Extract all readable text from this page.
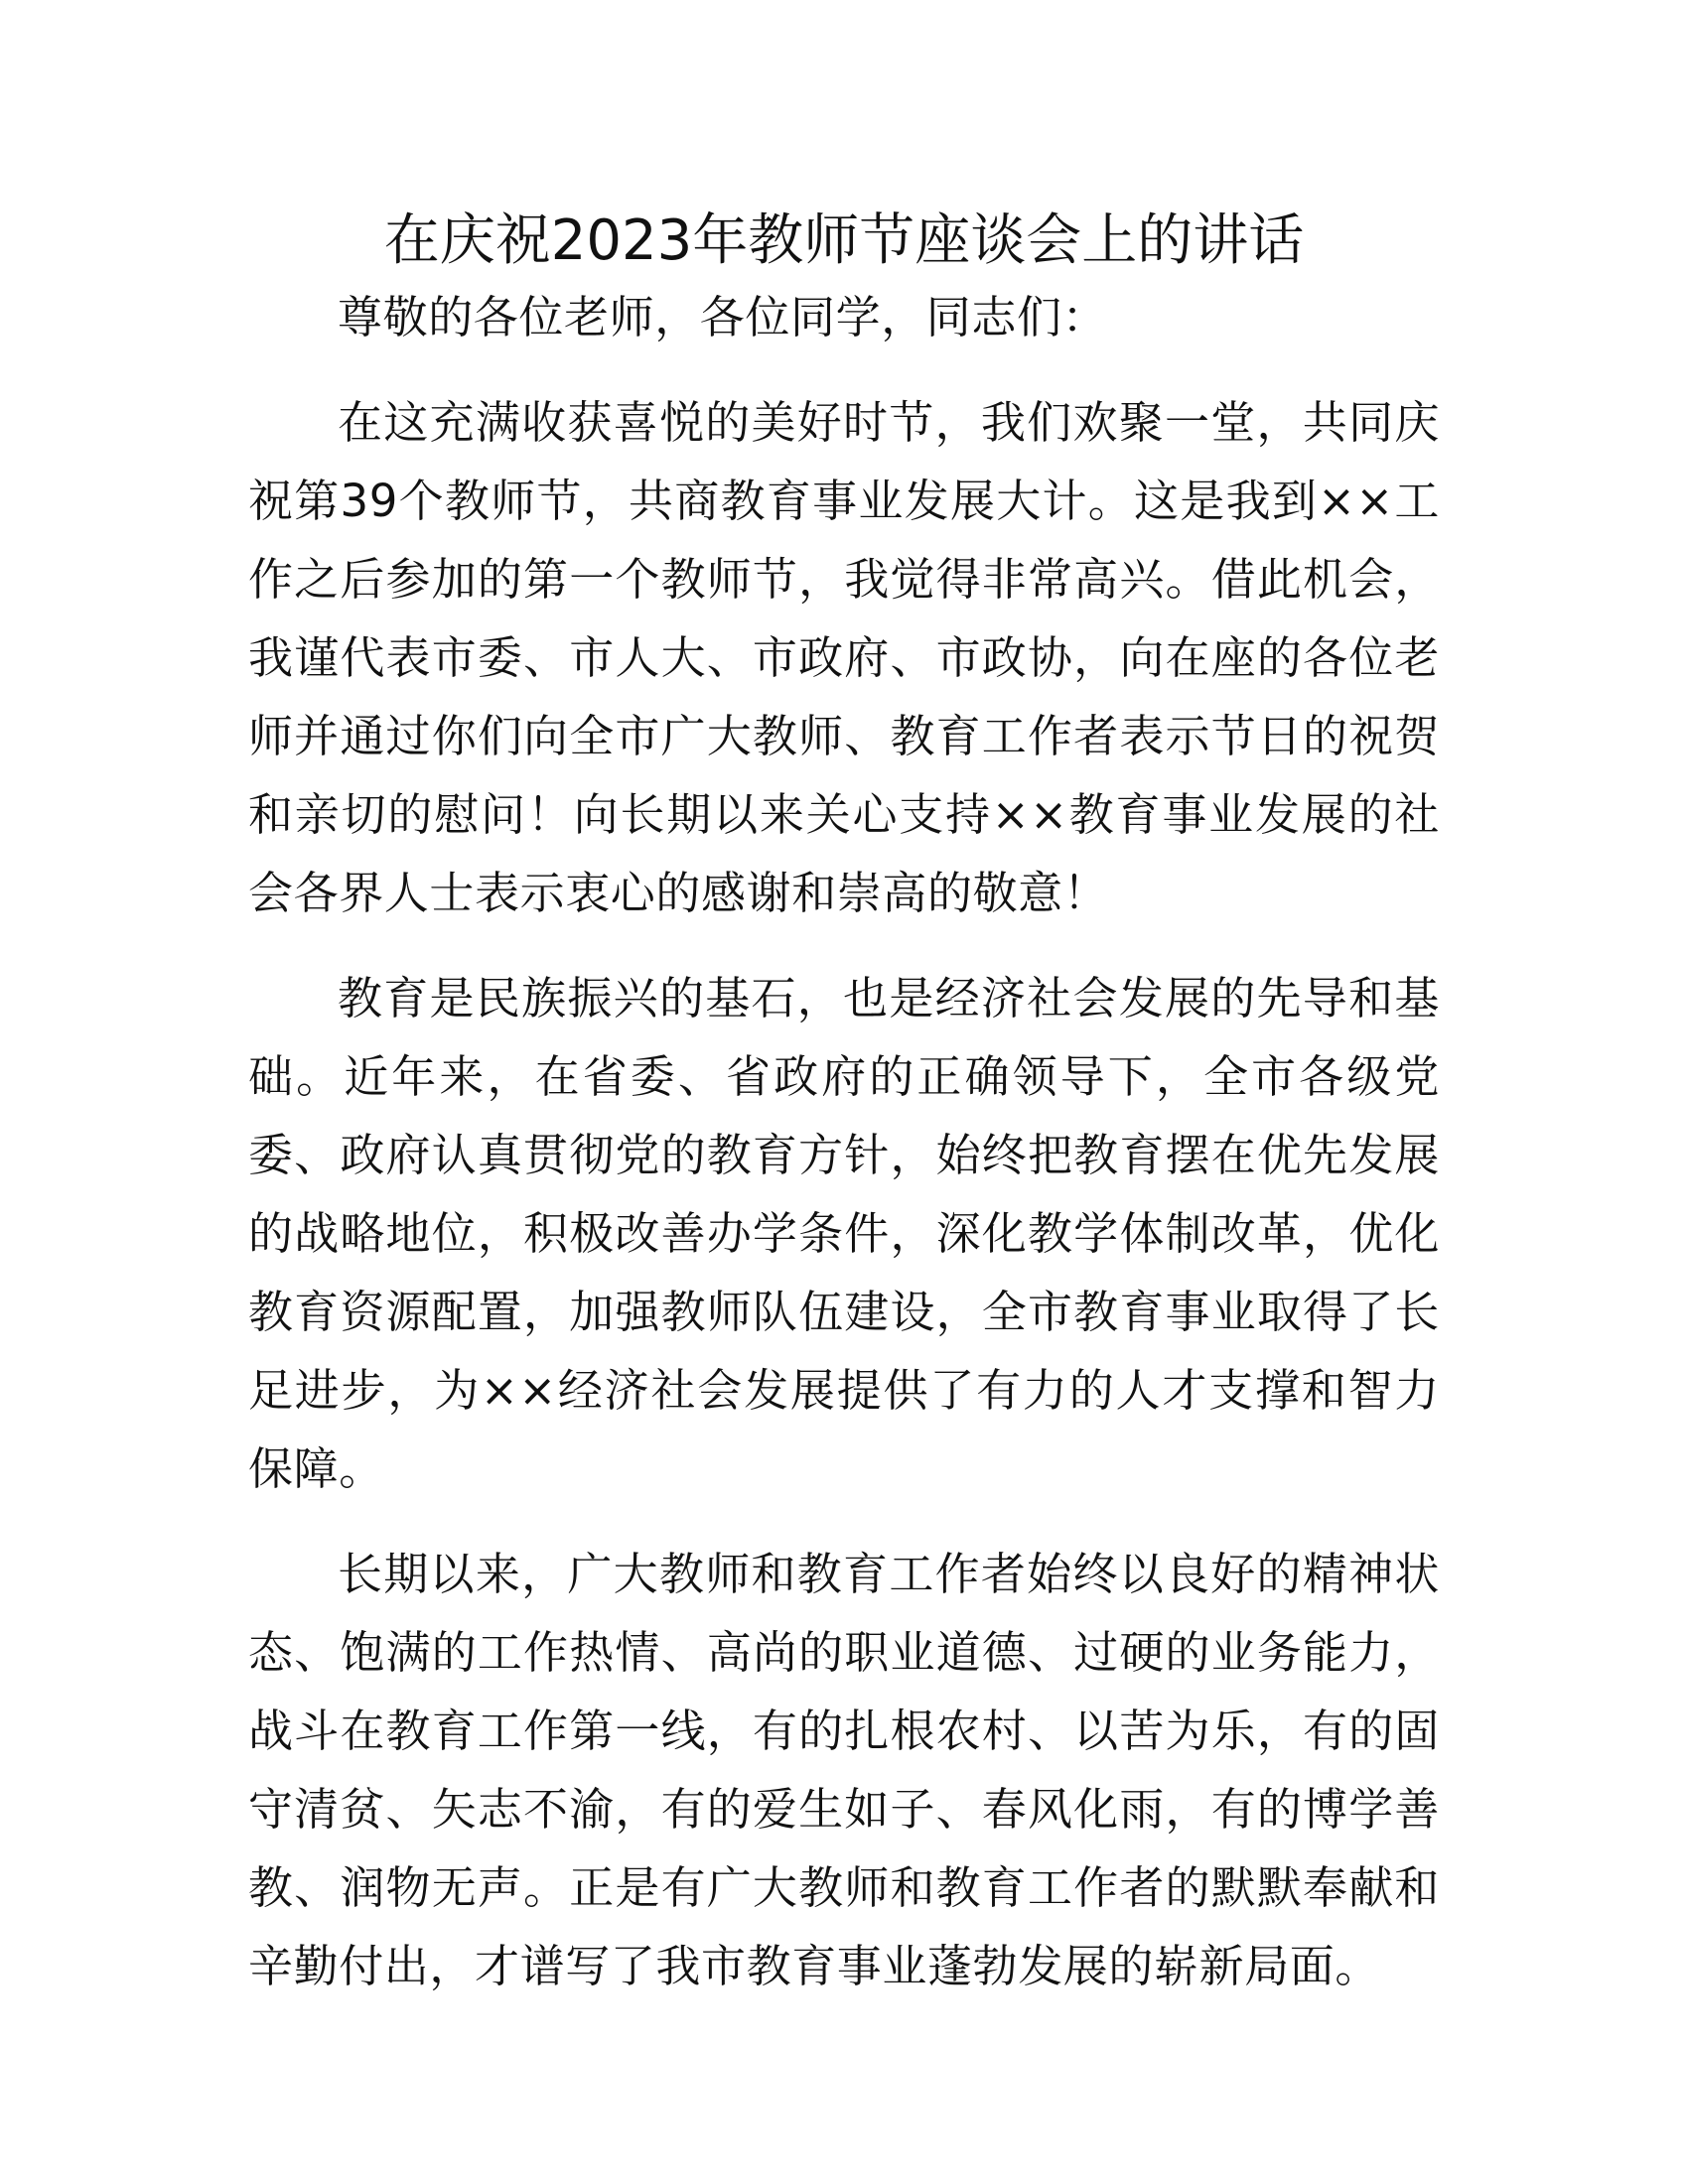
在庆祝2023年教师节座谈会上的讲话

尊敬的各位老师，各位同学，同志们：

在这充满收获喜悦的美好时节，我们欢聚一堂，共同庆祝第39个教师节，共商教育事业发展大计。这是我到××工作之后参加的第一个教师节，我觉得非常高兴。借此机会，我谨代表市委、市人大、市政府、市政协，向在座的各位老师并通过你们向全市广大教师、教育工作者表示节日的祝贺和亲切的慰问！向长期以来关心支持××教育事业发展的社会各界人士表示衷心的感谢和崇高的敬意！

教育是民族振兴的基石，也是经济社会发展的先导和基础。近年来，在省委、省政府的正确领导下，全市各级党委、政府认真贯彻党的教育方针，始终把教育摆在优先发展的战略地位，积极改善办学条件，深化教学体制改革，优化教育资源配置，加强教师队伍建设，全市教育事业取得了长足进步，为××经济社会发展提供了有力的人才支撑和智力保障。

长期以来，广大教师和教育工作者始终以良好的精神状态、饱满的工作热情、高尚的职业道德、过硬的业务能力，战斗在教育工作第一线，有的扎根农村、以苦为乐，有的固守清贫、矢志不渝，有的爱生如子、春风化雨，有的博学善教、润物无声。正是有广大教师和教育工作者的默默奉献和辛勤付出，才谱写了我市教育事业蓬勃发展的崭新局面。
